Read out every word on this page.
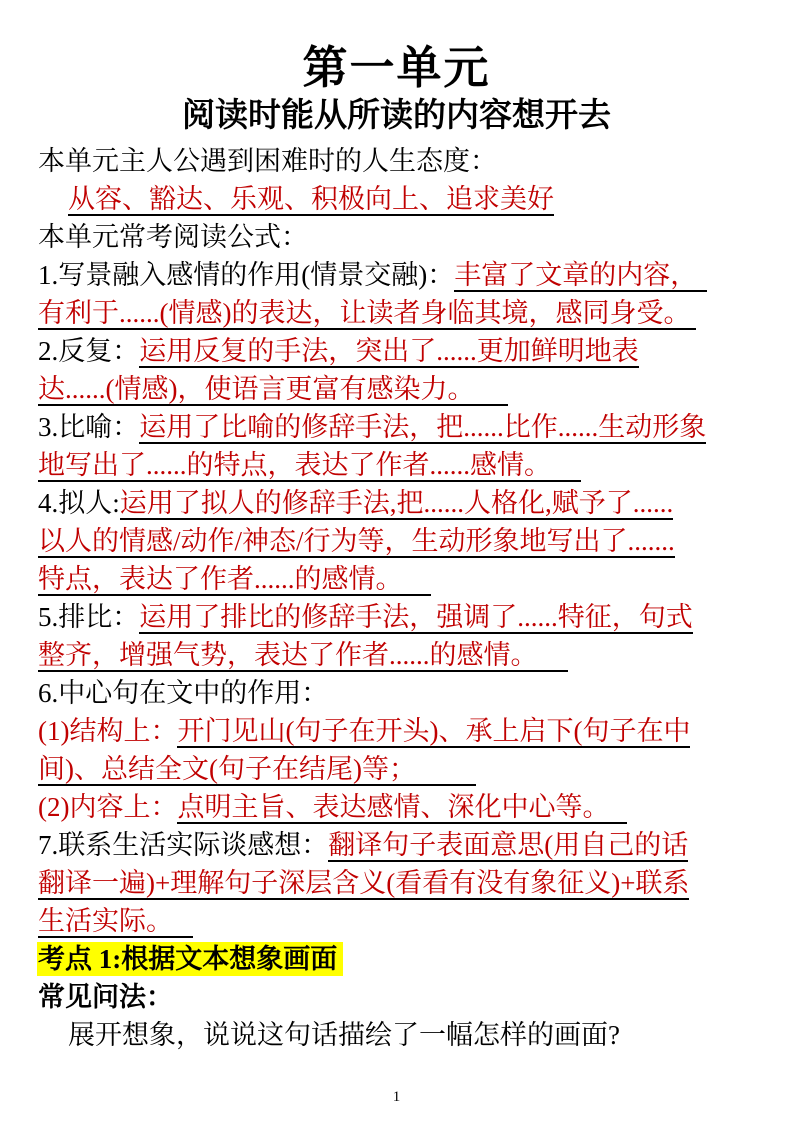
第一单元
阅读时能从所读的内容想开去
本单元主人公遇到困难时的人生态度：
从容、豁达、乐观、积极向上、追求美好
本单元常考阅读公式：
1.写景融入感情的作用(情景交融)：丰富了文章的内容，
有利于......(情感)的表达，让读者身临其境，感同身受。
2.反复：运用反复的手法，突出了......更加鲜明地表
达......(情感)，使语言更富有感染力。
3.比喻：运用了比喻的修辞手法，把......比作......生动形象
地写出了......的特点，表达了作者......感情。
4.拟人:运用了拟人的修辞手法,把......人格化,赋予了......
以人的情感/动作/神态/行为等，生动形象地写出了.......
特点，表达了作者......的感情。
5.排比：运用了排比的修辞手法，强调了......特征，句式
整齐，增强气势，表达了作者......的感情。
6.中心句在文中的作用：
(1)结构上：开门见山(句子在开头)、承上启下(句子在中
间)、总结全文(句子在结尾)等；
(2)内容上：点明主旨、表达感情、深化中心等。
7.联系生活实际谈感想：翻译句子表面意思(用自己的话
翻译一遍)+理解句子深层含义(看看有没有象征义)+联系
生活实际。
考点 1:根据文本想象画面
常见问法：
展开想象，说说这句话描绘了一幅怎样的画面?
1
